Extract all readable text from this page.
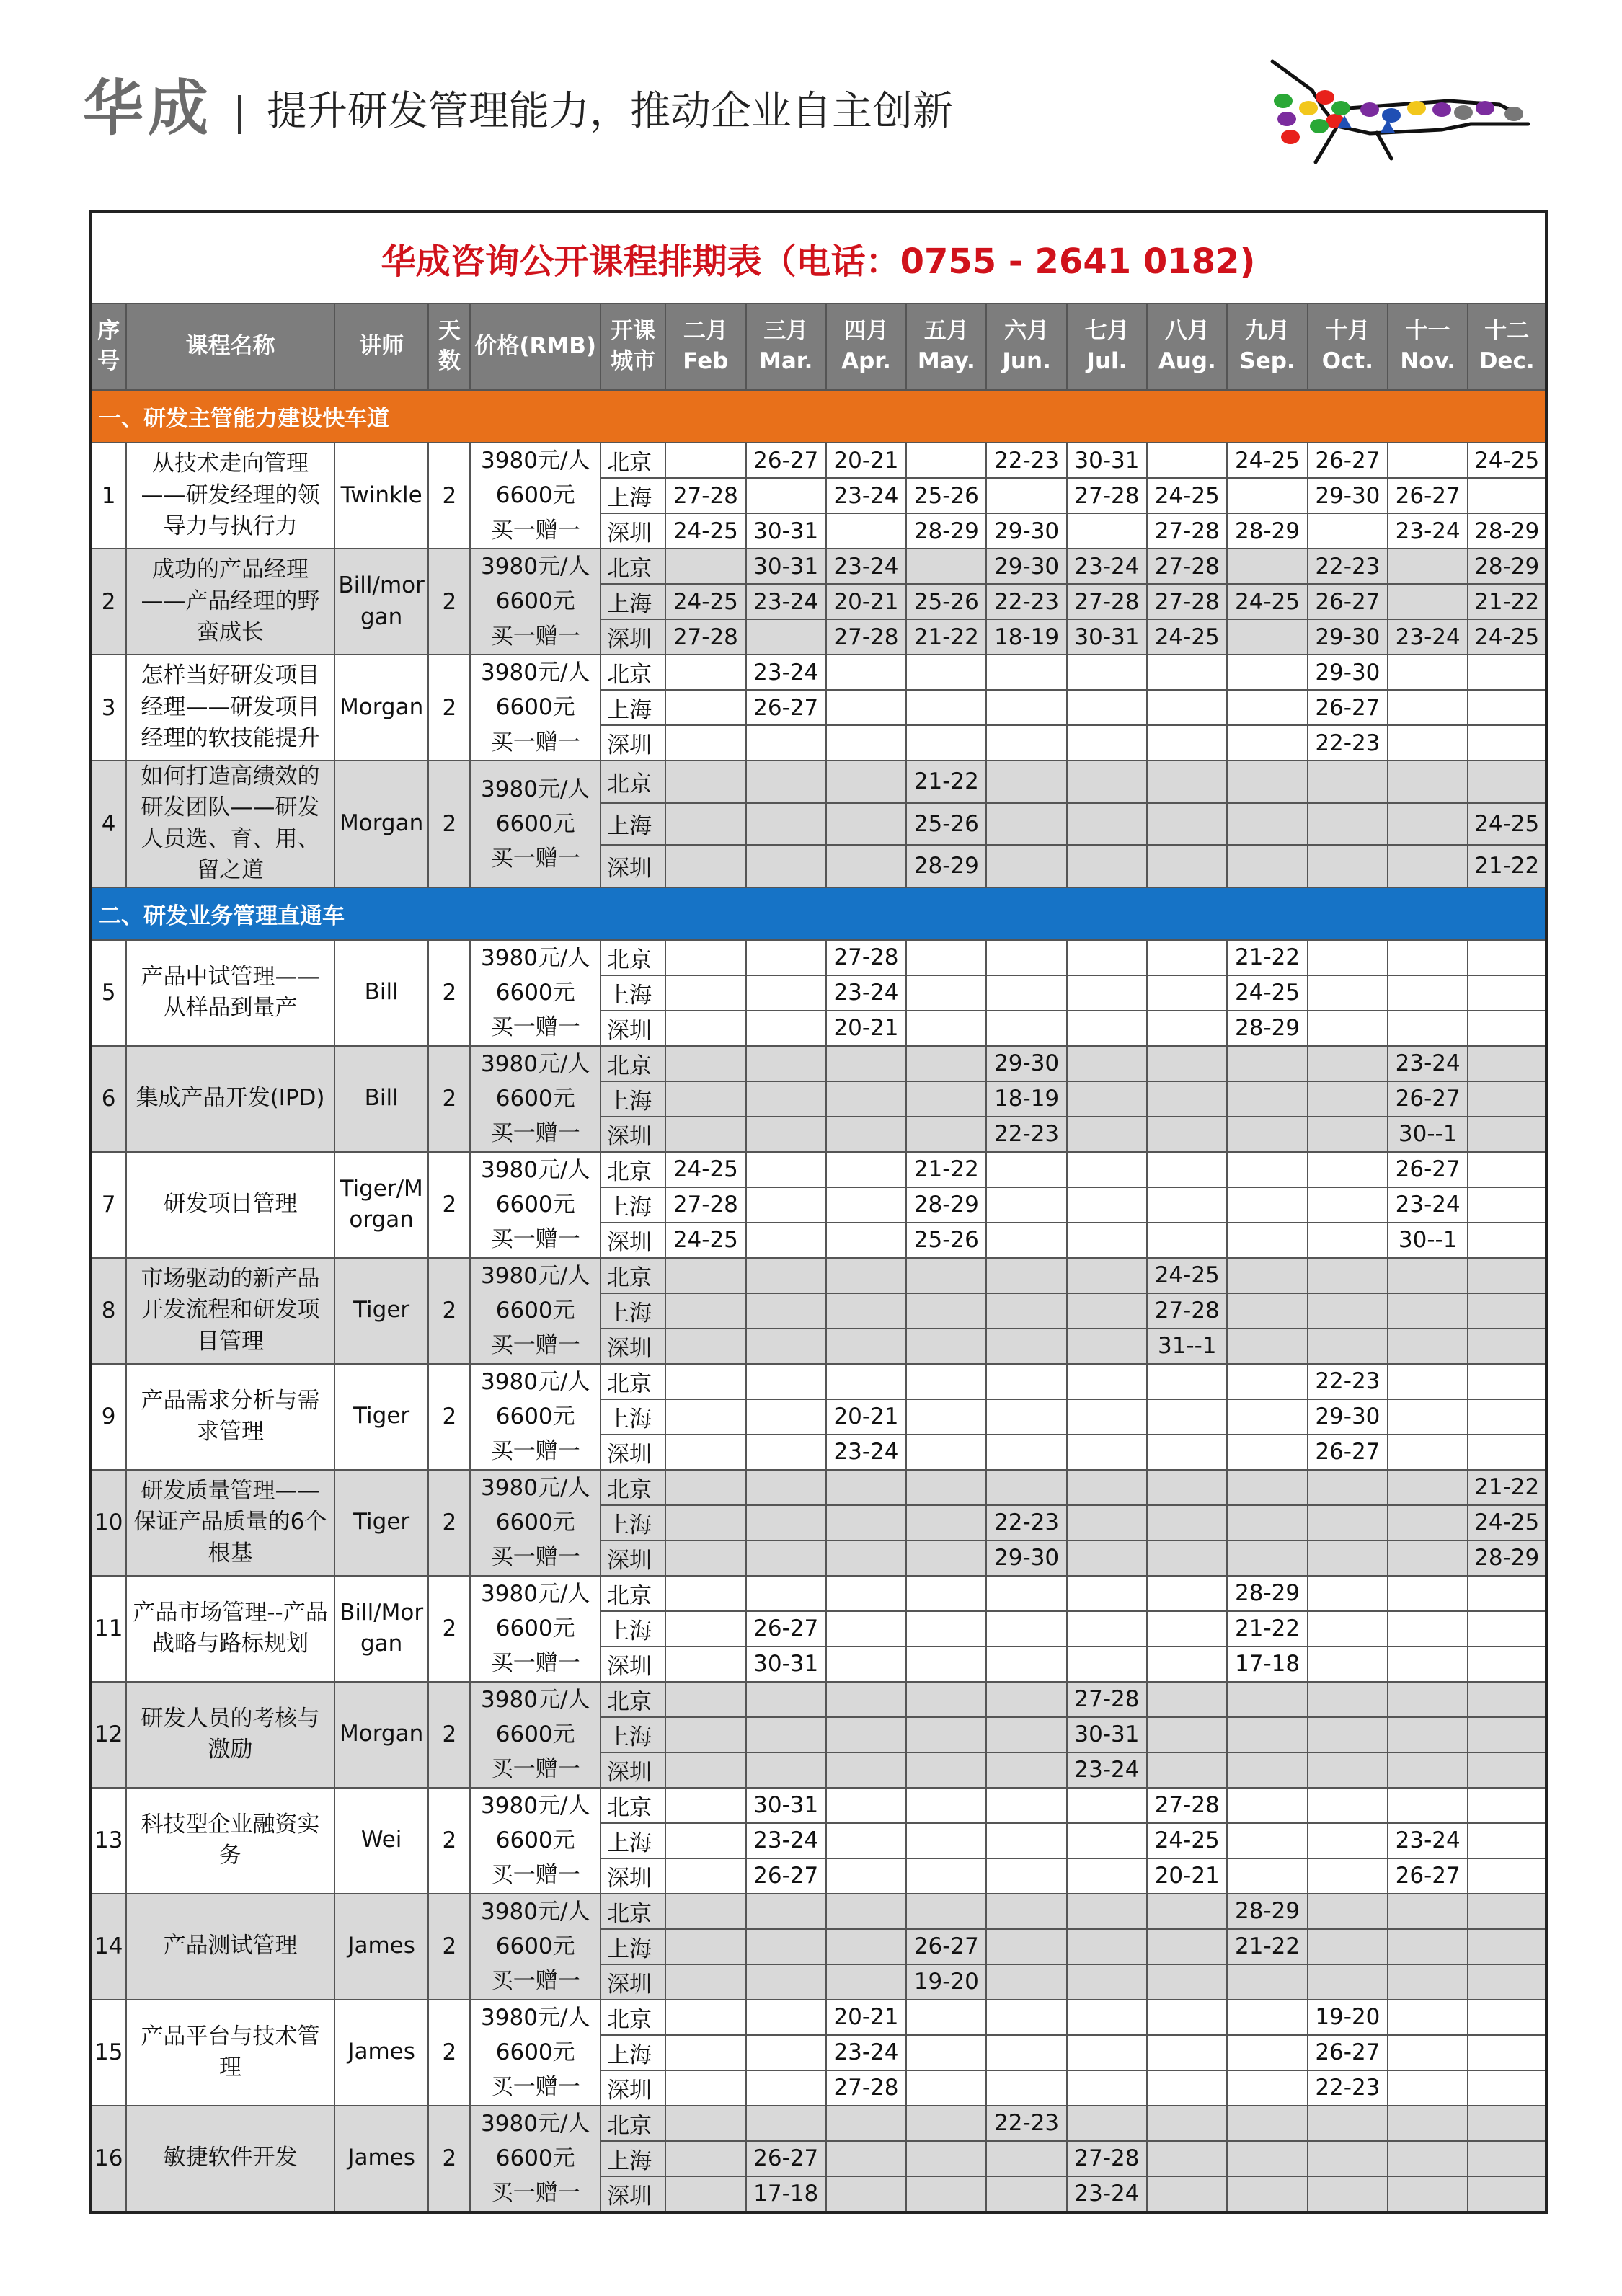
华成 提升研发管理能力，推动企业自主创新
华成咨询公开课程排期表（电话：0755 - 2641 0182)																
序号	课程名称	讲师	天数	价格(RMB)	开课城市	二月Feb	三月Mar.	四月Apr.	五月May.	六月Jun.	七月Jul.	八月Aug.	九月Sep.	十月Oct.	十一Nov.	十二Dec.
一、研发主管能力建设快车道																
1	从技术走向管理——研发经理的领导力与执行力	Twinkle	2	3980元/人
6600元
买一赠一	北京		26-27	20-21		22-23	30-31		24-25	26-27		24-25
					上海	27-28		23-24	25-26		27-28	24-25		29-30	26-27	
					深圳	24-25	30-31		28-29	29-30		27-28	28-29		23-24	28-29
2	成功的产品经理——产品经理的野蛮成长	Bill/morgan	2	3980元/人
6600元
买一赠一	北京		30-31	23-24		29-30	23-24	27-28		22-23		28-29
					上海	24-25	23-24	20-21	25-26	22-23	27-28	27-28	24-25	26-27		21-22
					深圳	27-28		27-28	21-22	18-19	30-31	24-25		29-30	23-24	24-25
3	怎样当好研发项目经理——研发项目经理的软技能提升	Morgan	2	3980元/人
6600元
买一赠一	北京		23-24							29-30		
					上海		26-27							26-27		
					深圳									22-23		
4	如何打造高绩效的研发团队——研发人员选、育、用、留之道	Morgan	2	3980元/人
6600元
买一赠一	北京				21-22							
					上海				25-26							24-25
					深圳				28-29							21-22
二、研发业务管理直通车																
5	产品中试管理——从样品到量产	Bill	2	3980元/人
6600元
买一赠一	北京			27-28					21-22			
					上海			23-24					24-25			
					深圳			20-21					28-29			
6	集成产品开发(IPD)	Bill	2	3980元/人
6600元
买一赠一	北京					29-30					23-24	
					上海					18-19					26-27	
					深圳					22-23					30--1	
7	研发项目管理	Tiger/Morgan	2	3980元/人
6600元
买一赠一	北京	24-25			21-22						26-27	
					上海	27-28			28-29						23-24	
					深圳	24-25			25-26						30--1	
8	市场驱动的新产品开发流程和研发项目管理	Tiger	2	3980元/人
6600元
买一赠一	北京							24-25				
					上海							27-28				
					深圳							31--1				
9	产品需求分析与需求管理	Tiger	2	3980元/人
6600元
买一赠一	北京									22-23		
					上海			20-21						29-30		
					深圳			23-24						26-27		
10	研发质量管理——保证产品质量的6个根基	Tiger	2	3980元/人
6600元
买一赠一	北京											21-22
					上海					22-23						24-25
					深圳					29-30						28-29
11	产品市场管理--产品战略与路标规划	Bill/Morgan	2	3980元/人
6600元
买一赠一	北京								28-29			
					上海		26-27						21-22			
					深圳		30-31						17-18			
12	研发人员的考核与激励	Morgan	2	3980元/人
6600元
买一赠一	北京						27-28					
					上海						30-31					
					深圳						23-24					
13	科技型企业融资实务	Wei	2	3980元/人
6600元
买一赠一	北京		30-31					27-28				
					上海		23-24					24-25			23-24	
					深圳		26-27					20-21			26-27	
14	产品测试管理	James	2	3980元/人
6600元
买一赠一	北京								28-29			
					上海				26-27				21-22			
					深圳				19-20							
15	产品平台与技术管理	James	2	3980元/人
6600元
买一赠一	北京			20-21						19-20		
					上海			23-24						26-27		
					深圳			27-28						22-23		
16	敏捷软件开发	James	2	3980元/人
6600元
买一赠一	北京					22-23						
					上海		26-27				27-28					
					深圳		17-18				23-24					
